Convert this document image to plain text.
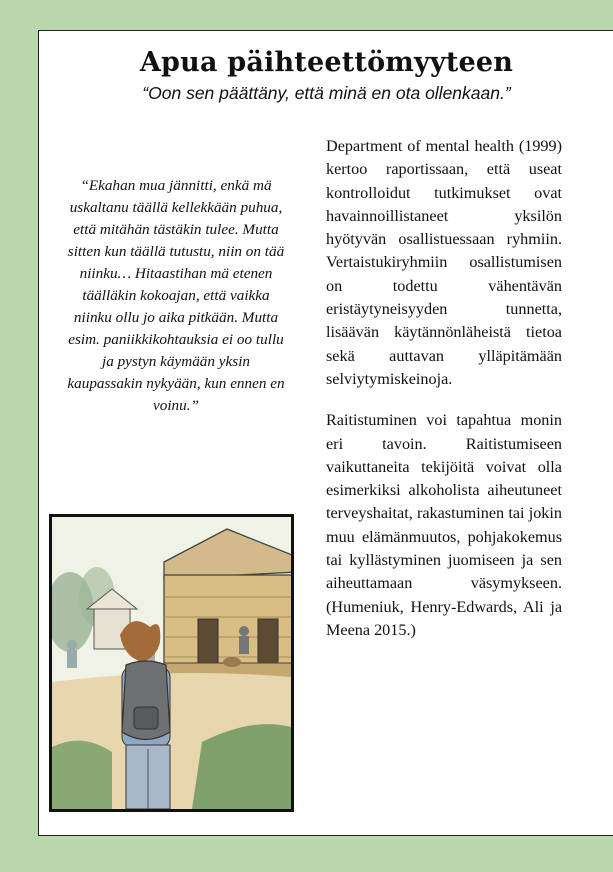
Apua päihteettömyyteen
“Oon sen päättäny, että minä en ota ollenkaan.”
“Ekahan mua jännitti, enkä mä uskaltanu täällä kellekkään puhua, että mitähän tästäkin tulee. Mutta sitten kun täällä tutustu, niin on tää niinku… Hitaastihan mä etenen täälläkin kokoajan, että vaikka niinku ollu jo aika pitkään. Mutta esim. paniikkikohtauksia ei oo tullu ja pystyn käymään yksin kaupassakin nykyään, kun ennen en voinu.”

Department of mental health (1999) kertoo raportissaan, että useat kontrolloidut tutkimukset ovat havainnoillistaneet yksilön hyötyvän osallistuessaan ryhmiin. Vertaistukiryhmiin osallistumisen on todettu vähentävän eristäytyneisyyden tunnetta, lisäävän käytännönläheistä tietoa sekä auttavan ylläpitämään selviytymiskeinoja.

Raitistuminen voi tapahtua monin eri tavoin. Raitistumiseen vaikuttaneita tekijöitä voivat olla esimerkiksi alkoholista aiheutuneet terveyshaitat, rakastuminen tai jokin muu elämänmuutos, pohjakokemus tai kyllästyminen juomiseen ja sen aiheuttamaan väsymykseen. (Humeniuk, Henry-Edwards, Ali ja Meena 2015.)
